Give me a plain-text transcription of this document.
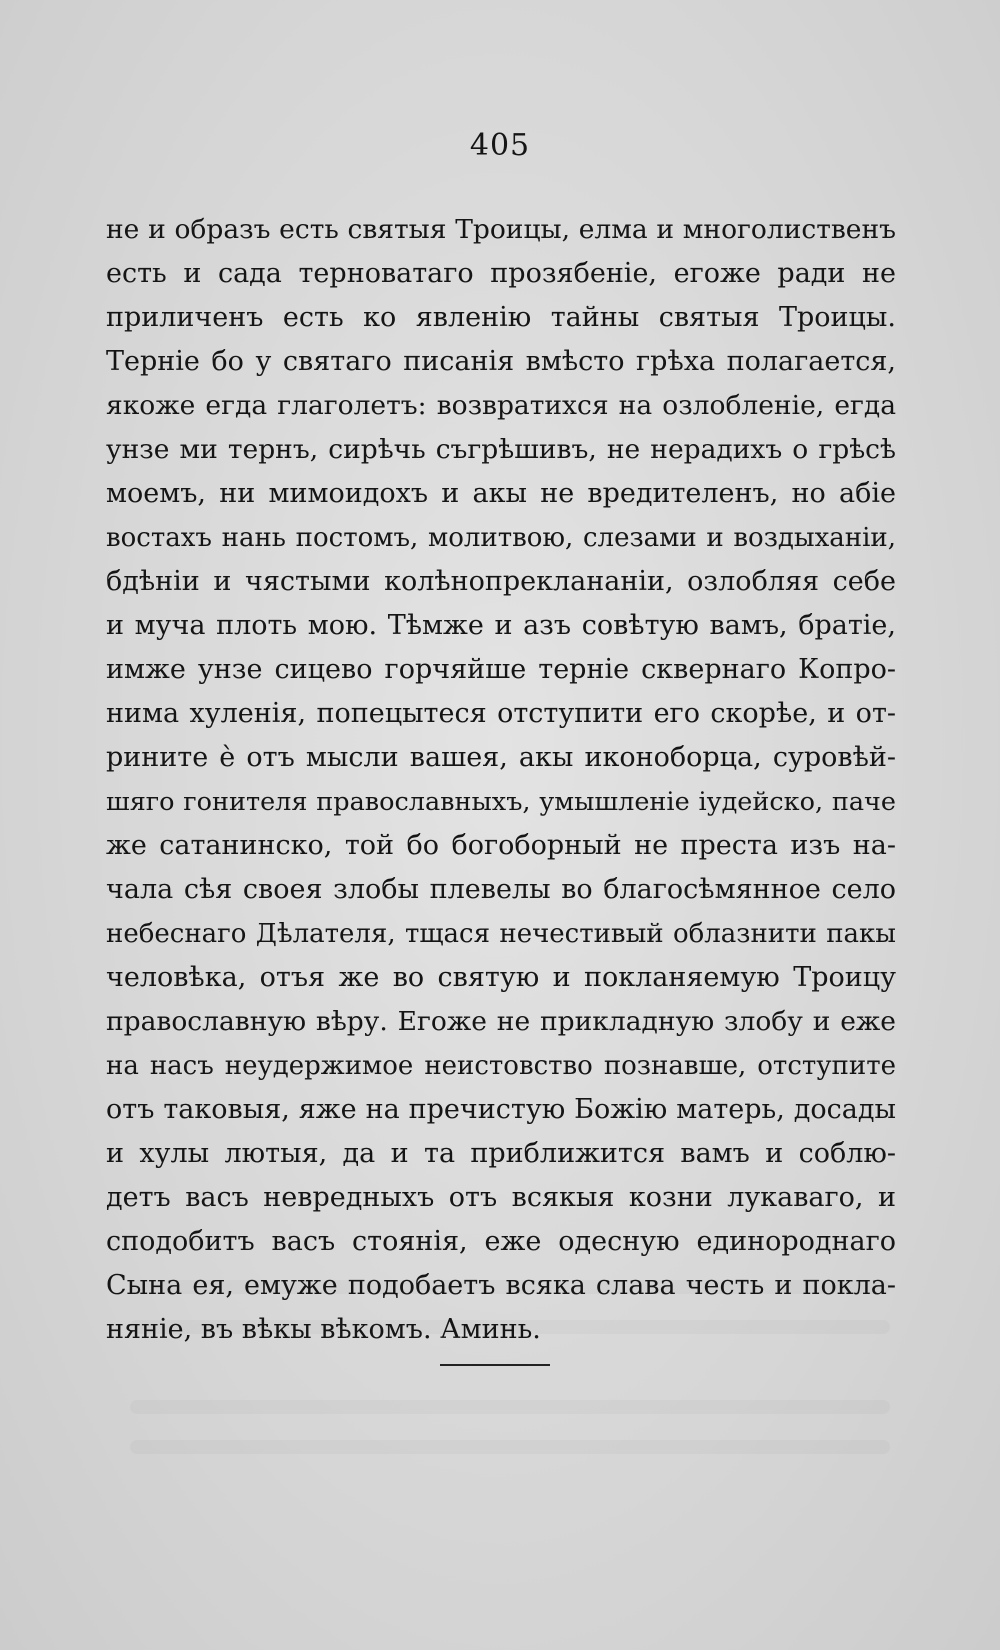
405
не и образъ есть святыя Троицы, елма и многолиственъ
есть и сада терноватаго прозябеніе, егоже ради не
приличенъ есть ко явленію тайны святыя Троицы.
Терніе бо у святаго писанія вмѣсто грѣха полагается,
якоже егда глаголетъ: возвратихся на озлобленіе, егда
унзе ми тернъ, сирѣчь съгрѣшивъ, не нерадихъ о грѣсѣ
моемъ, ни мимоидохъ и акы не вредителенъ, но абіе
востахъ нань постомъ, молитвою, слезами и воздыханіи,
бдѣніи и чястыми колѣнопреклананіи, озлобляя себе
и муча плоть мою. Тѣмже и азъ совѣтую вамъ, братіе,
имже унзе сицево горчяйше терніе сквернаго Копро-
нима хуленія, попецытеся отступити его скорѣе, и от-
рините ѐ отъ мысли вашея, акы иконоборца, суровѣй-
шяго гонителя православныхъ, умышленіе іудейско, паче
же сатанинско, той бо богоборный не преста изъ на-
чала сѣя своея злобы плевелы во благосѣмянное село
небеснаго Дѣлателя, тщася нечестивый облазнити пакы
человѣка, отъя же во святую и покланяемую Троицу
православную вѣру. Егоже не прикладную злобу и еже
на насъ неудержимое неистовство познавше, отступите
отъ таковыя, яже на пречистую Божію матерь, досады
и хулы лютыя, да и та приближится вамъ и соблю-
детъ васъ невредныхъ отъ всякыя козни лукаваго, и
сподобитъ васъ стоянія, еже одесную единороднаго
Сына ея, емуже подобаетъ всяка слава честь и покла-
няніе, въ вѣкы вѣкомъ. Аминь.
